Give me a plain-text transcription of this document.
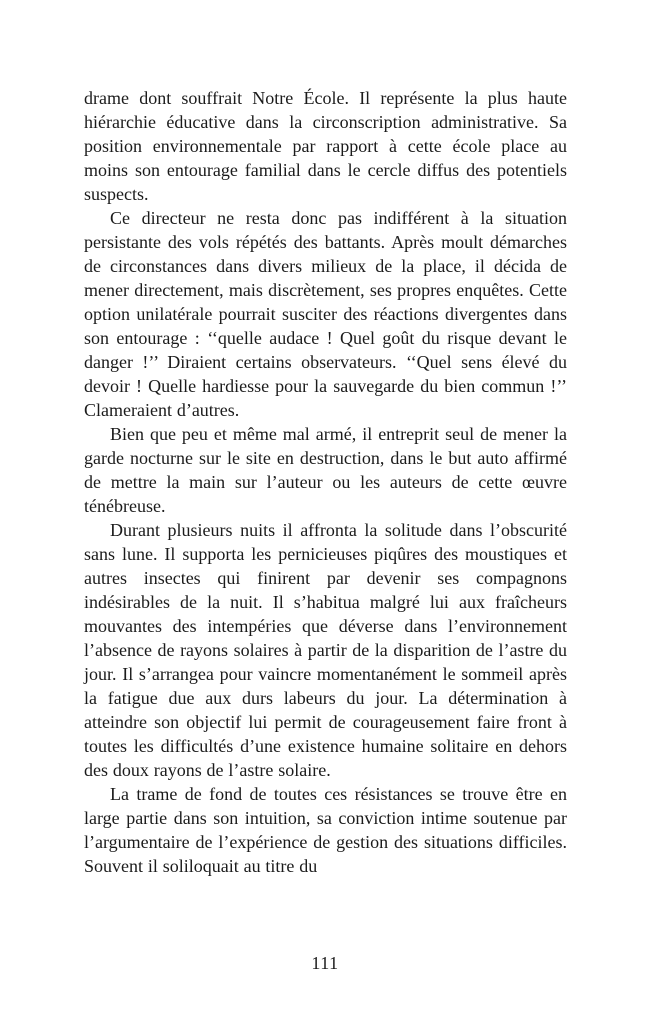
drame dont souffrait Notre École. Il représente la plus haute hiérarchie éducative dans la circonscription administrative. Sa position environnementale par rapport à cette école place au moins son entourage familial dans le cercle diffus des potentiels suspects.

Ce directeur ne resta donc pas indifférent à la situation persistante des vols répétés des battants. Après moult démarches de circonstances dans divers milieux de la place, il décida de mener directement, mais discrètement, ses propres enquêtes. Cette option unilatérale pourrait susciter des réactions divergentes dans son entourage : ‘‘quelle audace ! Quel goût du risque devant le danger !’’ Diraient certains observateurs. ‘‘Quel sens élevé du devoir ! Quelle hardiesse pour la sauvegarde du bien commun !’’ Clameraient d’autres.

Bien que peu et même mal armé, il entreprit seul de mener la garde nocturne sur le site en destruction, dans le but auto affirmé de mettre la main sur l’auteur ou les auteurs de cette œuvre ténébreuse.

Durant plusieurs nuits il affronta la solitude dans l’obscurité sans lune. Il supporta les pernicieuses piqûres des moustiques et autres insectes qui finirent par devenir ses compagnons indésirables de la nuit. Il s’habitua malgré lui aux fraîcheurs mouvantes des intempéries que déverse dans l’environnement l’absence de rayons solaires à partir de la disparition de l’astre du jour. Il s’arrangea pour vaincre momentanément le sommeil après la fatigue due aux durs labeurs du jour. La détermination à atteindre son objectif lui permit de courageusement faire front à toutes les difficultés d’une existence humaine solitaire en dehors des doux rayons de l’astre solaire.

La trame de fond de toutes ces résistances se trouve être en large partie dans son intuition, sa conviction intime soutenue par l’argumentaire de l’expérience de gestion des situations difficiles. Souvent il soliloquait au titre du

111
